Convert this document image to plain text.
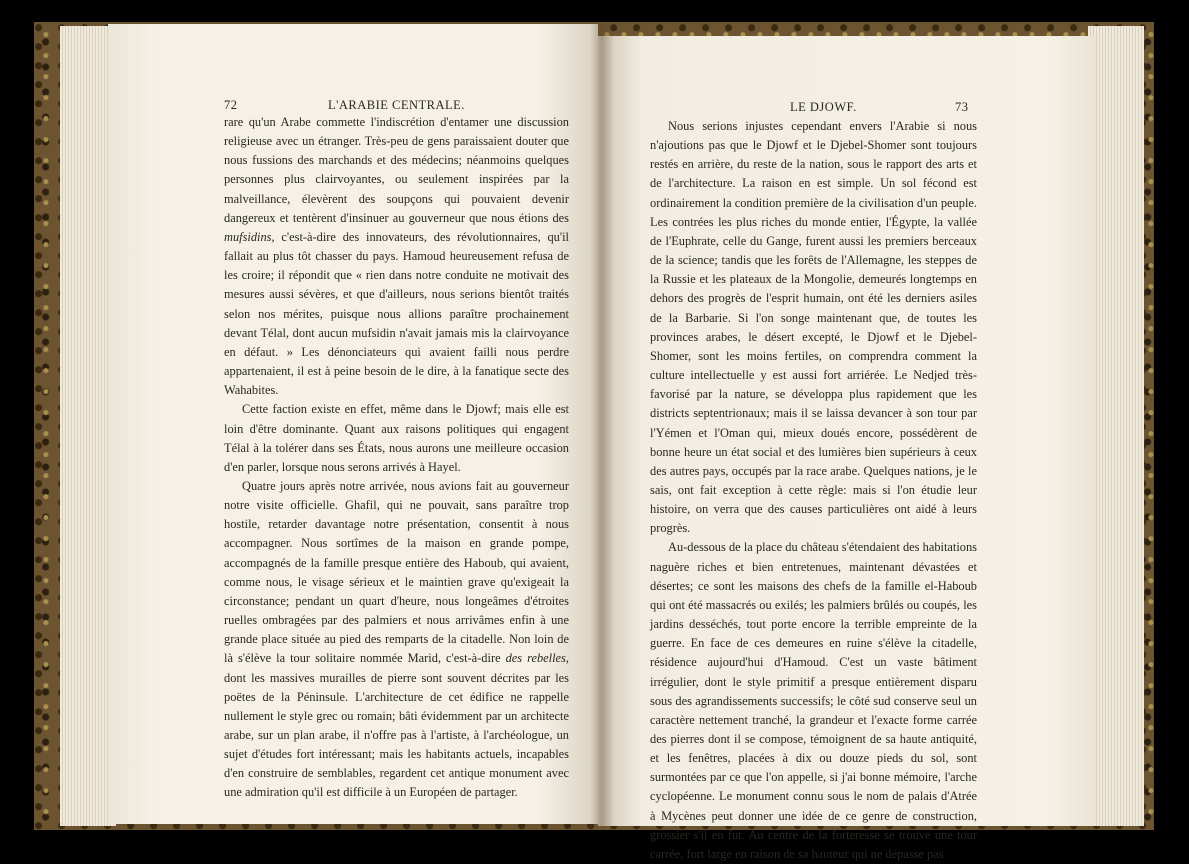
72	L'ARABIE CENTRALE.

rare qu'un Arabe commette l'indiscrétion d'entamer une discussion religieuse avec un étranger. Très-peu de gens paraissaient douter que nous fussions des marchands et des médecins; néanmoins quelques personnes plus clairvoyantes, ou seulement inspirées par la malveillance, élevèrent des soupçons qui pouvaient devenir dangereux et tentèrent d'insinuer au gouverneur que nous étions des mufsidins, c'est-à-dire des innovateurs, des révolutionnaires, qu'il fallait au plus tôt chasser du pays. Hamoud heureusement refusa de les croire; il répondit que « rien dans notre conduite ne motivait des mesures aussi sévères, et que d'ailleurs, nous serions bientôt traités selon nos mérites, puisque nous allions paraître prochainement devant Télal, dont aucun mufsidin n'avait jamais mis la clairvoyance en défaut. » Les dénonciateurs qui avaient failli nous perdre appartenaient, il est à peine besoin de le dire, à la fanatique secte des Wahabites.

Cette faction existe en effet, même dans le Djowf; mais elle est loin d'être dominante. Quant aux raisons politiques qui engagent Télal à la tolérer dans ses États, nous aurons une meilleure occasion d'en parler, lorsque nous serons arrivés à Hayel.

Quatre jours après notre arrivée, nous avions fait au gouverneur notre visite officielle. Ghafil, qui ne pouvait, sans paraître trop hostile, retarder davantage notre présentation, consentit à nous accompagner. Nous sortîmes de la maison en grande pompe, accompagnés de la famille presque entière des Haboub, qui avaient, comme nous, le visage sérieux et le maintien grave qu'exigeait la circonstance; pendant un quart d'heure, nous longeâmes d'étroites ruelles ombragées par des palmiers et nous arrivâmes enfin à une grande place située au pied des remparts de la citadelle. Non loin de là s'élève la tour solitaire nommée Marid, c'est-à-dire des rebelles, dont les massives murailles de pierre sont souvent décrites par les poëtes de la Péninsule. L'architecture de cet édifice ne rappelle nullement le style grec ou romain; bâti évidemment par un architecte arabe, sur un plan arabe, il n'offre pas à l'artiste, à l'archéologue, un sujet d'études fort intéressant; mais les habitants actuels, incapables d'en construire de semblables, regardent cet antique monument avec une admiration qu'il est difficile à un Européen de partager.

LE DJOWF.	73

Nous serions injustes cependant envers l'Arabie si nous n'ajoutions pas que le Djowf et le Djebel-Shomer sont toujours restés en arrière, du reste de la nation, sous le rapport des arts et de l'architecture. La raison en est simple. Un sol fécond est ordinairement la condition première de la civilisation d'un peuple. Les contrées les plus riches du monde entier, l'Égypte, la vallée de l'Euphrate, celle du Gange, furent aussi les premiers berceaux de la science; tandis que les forêts de l'Allemagne, les steppes de la Russie et les plateaux de la Mongolie, demeurés longtemps en dehors des progrès de l'esprit humain, ont été les derniers asiles de la Barbarie. Si l'on songe maintenant que, de toutes les provinces arabes, le désert excepté, le Djowf et le Djebel-Shomer, sont les moins fertiles, on comprendra comment la culture intellectuelle y est aussi fort arriérée. Le Nedjed très-favorisé par la nature, se développa plus rapidement que les districts septentrionaux; mais il se laissa devancer à son tour par l'Yémen et l'Oman qui, mieux doués encore, possédèrent de bonne heure un état social et des lumières bien supérieurs à ceux des autres pays, occupés par la race arabe. Quelques nations, je le sais, ont fait exception à cette règle: mais si l'on étudie leur histoire, on verra que des causes particulières ont aidé à leurs progrès.

Au-dessous de la place du château s'étendaient des habitations naguère riches et bien entretenues, maintenant dévastées et désertes; ce sont les maisons des chefs de la famille el-Haboub qui ont été massacrés ou exilés; les palmiers brûlés ou coupés, les jardins desséchés, tout porte encore la terrible empreinte de la guerre. En face de ces demeures en ruine s'élève la citadelle, résidence aujourd'hui d'Hamoud. C'est un vaste bâtiment irrégulier, dont le style primitif a presque entièrement disparu sous des agrandissements successifs; le côté sud conserve seul un caractère nettement tranché, la grandeur et l'exacte forme carrée des pierres dont il se compose, témoignent de sa haute antiquité, et les fenêtres, placées à dix ou douze pieds du sol, sont surmontées par ce que l'on appelle, si j'ai bonne mémoire, l'arche cyclopéenne. Le monument connu sous le nom de palais d'Atrée à Mycènes peut donner une idée de ce genre de construction, grossier s'il en fut. Au centre de la forteresse se trouve une tour carrée, fort large en raison de sa hauteur qui ne dépasse pas
